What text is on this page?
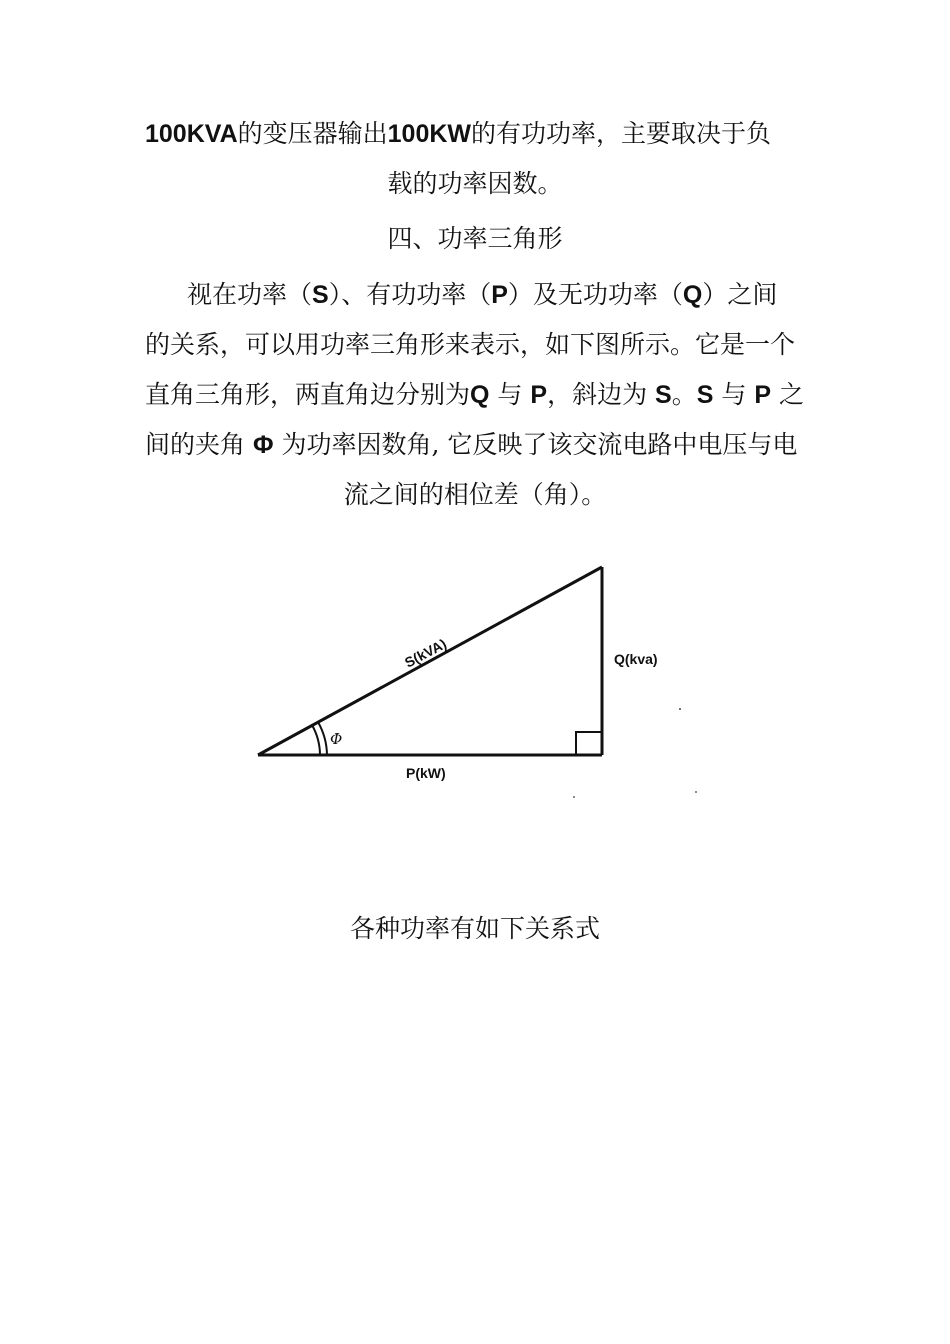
100KVA的变压器输出100KW的有功功率，主要取决于负
载的功率因数。
四、功率三角形
视在功率（S）、有功功率（P）及无功功率（Q）之间
的关系，可以用功率三角形来表示，如下图所示。它是一个
直角三角形，两直角边分别为Q 与 P，斜边为 S。S 与 P 之
间的夹角 Φ 为功率因数角, 它反映了该交流电路中电压与电
流之间的相位差（角）。
Φ
S(kVA)	Q(kva)
P(kW)
各种功率有如下关系式
